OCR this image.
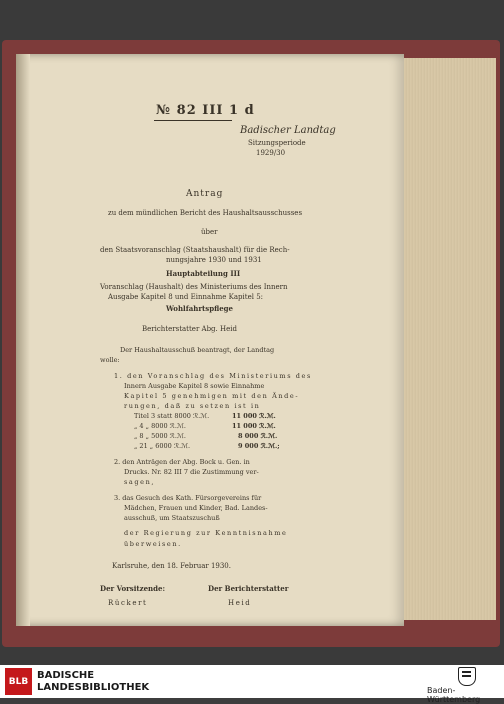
№ 82 III 1 d
Badischer Landtag
Sitzungsperiode
1929/30
Antrag
zu dem mündlichen Bericht des Haushaltsausschusses
über
den Staatsvoranschlag (Staatshaushalt) für die Rech-
nungsjahre 1930 und 1931
Hauptabteilung III
Voranschlag (Haushalt) des Ministeriums des Innern
Ausgabe Kapitel 8 und Einnahme Kapitel 5:
Wohlfahrtspflege
Berichterstatter Abg. Heid
Der Haushaltausschuß beantragt, der Landtag
wolle:
1. den Voranschlag des Ministeriums des
Innern Ausgabe Kapitel 8 sowie Einnahme
Kapitel 5 genehmigen mit den Ände-
rungen, daß zu setzen ist in
Titel 3 statt 8000 ℛ.ℳ.	11 000 ℛ.ℳ.
„ 4 „ 8000 ℛ.ℳ.	11 000 ℛ.ℳ.
„ 8 „ 5000 ℛ.ℳ.	8 000 ℛ.ℳ.
„ 21 „ 6000 ℛ.ℳ.	9 000 ℛ.ℳ.;
2. den Anträgen der Abg. Bock u. Gen. in
Drucks. Nr. 82 III 7 die Zustimmung ver-
sagen,
3. das Gesuch des Kath. Fürsorgevereins für
Mädchen, Frauen und Kinder, Bad. Landes-
ausschuß, um Staatszuschuß
der Regierung zur Kenntnisnahme
überweisen.
Karlsruhe, den 18. Februar 1930.
Der Vorsitzende:
Rückert
Der Berichterstatter
Heid
BLB
BADISCHE
LANDESBIBLIOTHEK	Baden-Württemberg
